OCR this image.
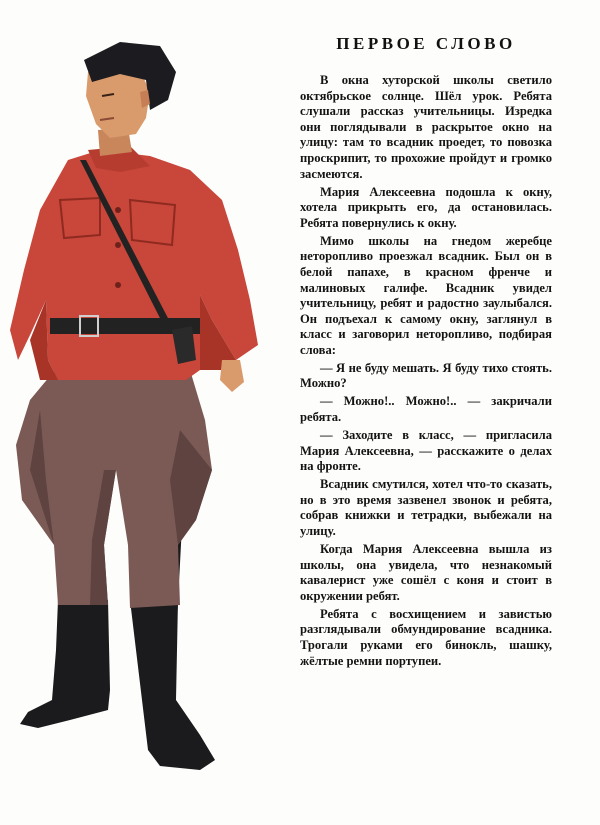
ПЕРВОЕ СЛОВО

В окна хуторской школы светило октябрьское солнце. Шёл урок. Ребята слушали рассказ учительницы. Изредка они поглядывали в раскрытое окно на улицу: там то всадник проедет, то повозка проскрипит, то прохожие пройдут и громко засмеются.

Мария Алексеевна подошла к окну, хотела прикрыть его, да остановилась. Ребята повернулись к окну.

Мимо школы на гнедом жеребце неторопливо проезжал всадник. Был он в белой папахе, в красном френче и малиновых галифе. Всадник увидел учительницу, ребят и радостно заулыбался. Он подъехал к самому окну, заглянул в класс и заговорил неторопливо, подбирая слова:

— Я не буду мешать. Я буду тихо стоять. Можно?

— Можно!.. Можно!.. — закричали ребята.

— Заходите в класс, — пригласила Мария Алексеевна, — расскажите о делах на фронте.

Всадник смутился, хотел что-то сказать, но в это время зазвенел звонок и ребята, собрав книжки и тетрадки, выбежали на улицу.

Когда Мария Алексеевна вышла из школы, она увидела, что незнакомый кавалерист уже сошёл с коня и стоит в окружении ребят.

Ребята с восхищением и завистью разглядывали обмундирование всадника. Трогали руками его бинокль, шашку, жёлтые ремни портупеи.
